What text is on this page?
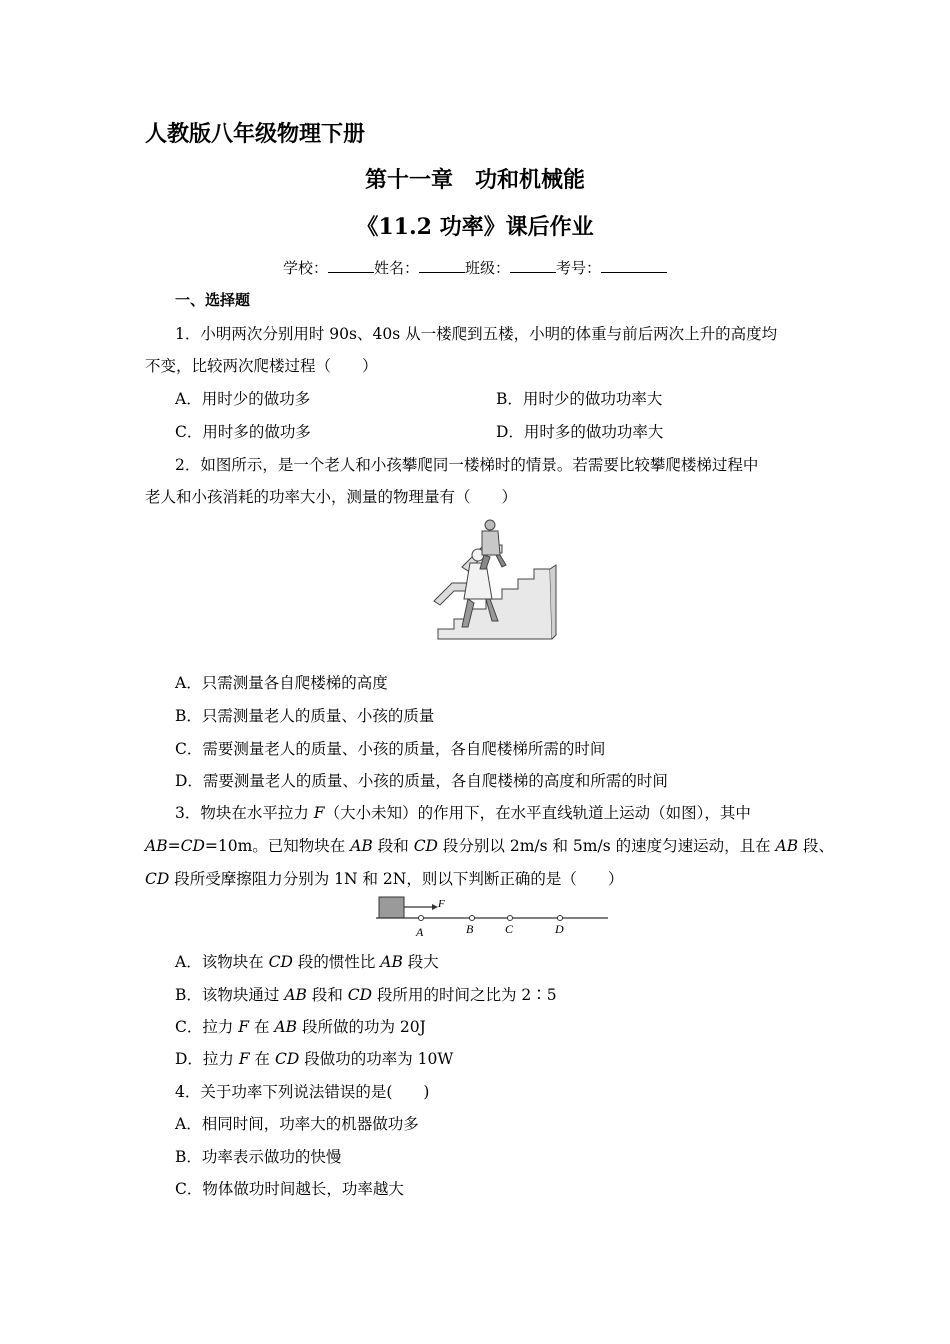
人教版八年级物理下册
第十一章　功和机械能
《11.2 功率》课后作业
学校：	姓名：	班级：	考号：
一、选择题
1．小明两次分别用时 90s、40s 从一楼爬到五楼，小明的体重与前后两次上升的高度均
不变，比较两次爬楼过程（　　）
A．用时少的做功多	B．用时少的做功功率大
C．用时多的做功多	D．用时多的做功功率大
2．如图所示，是一个老人和小孩攀爬同一楼梯时的情景。若需要比较攀爬楼梯过程中
老人和小孩消耗的功率大小，测量的物理量有（　　）
A．只需测量各自爬楼梯的高度
B．只需测量老人的质量、小孩的质量
C．需要测量老人的质量、小孩的质量，各自爬楼梯所需的时间
D．需要测量老人的质量、小孩的质量，各自爬楼梯的高度和所需的时间
3．物块在水平拉力 F（大小未知）的作用下，在水平直线轨道上运动（如图），其中
AB=CD=10m。已知物块在 AB 段和 CD 段分别以 2m/s 和 5m/s 的速度匀速运动，且在 AB 段、
CD 段所受摩擦阻力分别为 1N 和 2N，则以下判断正确的是（　　）
F
A	B	C	D
A．该物块在 CD 段的惯性比 AB 段大
B．该物块通过 AB 段和 CD 段所用的时间之比为 2∶5
C．拉力 F 在 AB 段所做的功为 20J
D．拉力 F 在 CD 段做功的功率为 10W
4．关于功率下列说法错误的是(　　)
A．相同时间，功率大的机器做功多
B．功率表示做功的快慢
C．物体做功时间越长，功率越大
